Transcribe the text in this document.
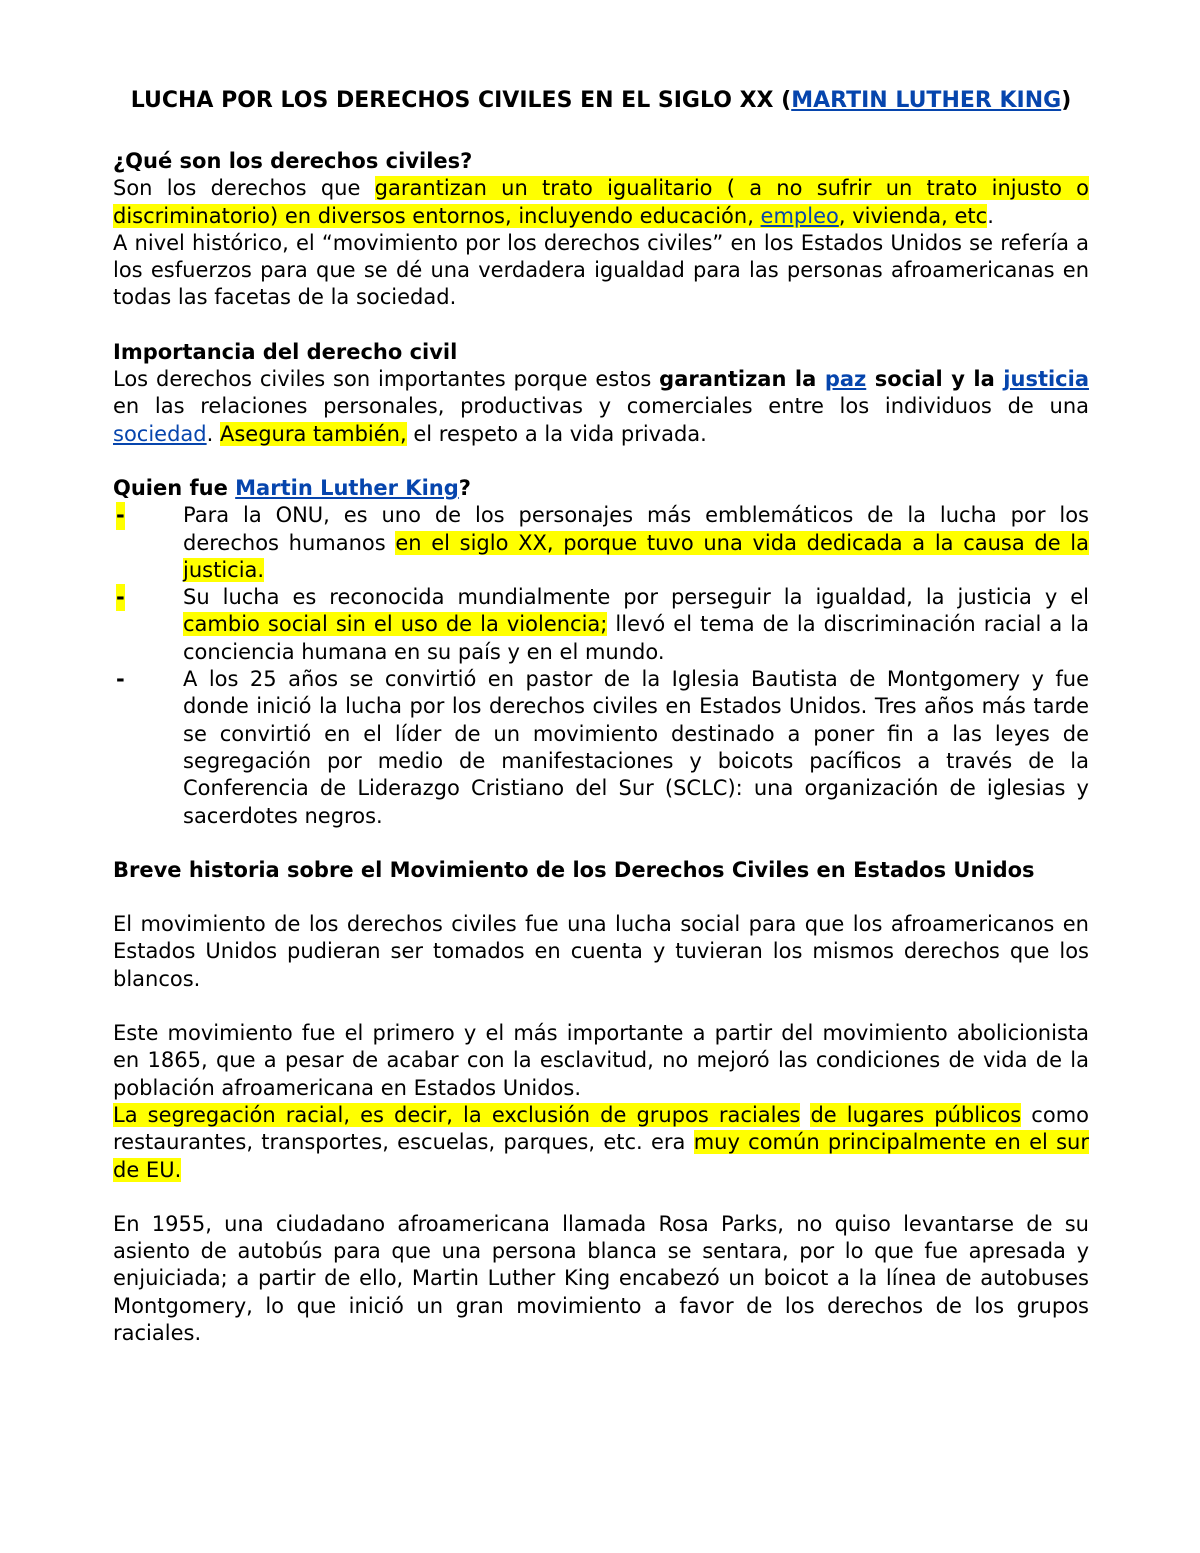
LUCHA POR LOS DERECHOS CIVILES EN EL SIGLO XX (MARTIN LUTHER KING)
¿Qué son los derechos civiles?

Son los derechos que garantizan un trato igualitario ( a no sufrir un trato injusto o discriminatorio) en diversos entornos, incluyendo educación, empleo, vivienda, etc.

A nivel histórico, el “movimiento por los derechos civiles” en los Estados Unidos se refería a los esfuerzos para que se dé una verdadera igualdad para las personas afroamericanas en todas las facetas de la sociedad.

Importancia del derecho civil

Los derechos civiles son importantes porque estos garantizan la paz social y la justicia en las relaciones personales, productivas y comerciales entre los individuos de una sociedad. Asegura también, el respeto a la vida privada.

Quien fue Martin Luther King?
-	Para la ONU, es uno de los personajes más emblemáticos de la lucha por los derechos humanos en el siglo XX, porque tuvo una vida dedicada a la causa de la justicia.
-	Su lucha es reconocida mundialmente por perseguir la igualdad, la justicia y el cambio social sin el uso de la violencia; llevó el tema de la discriminación racial a la conciencia humana en su país y en el mundo.
-	A los 25 años se convirtió en pastor de la Iglesia Bautista de Montgomery y fue donde inició la lucha por los derechos civiles en Estados Unidos. Tres años más tarde se convirtió en el líder de un movimiento destinado a poner fin a las leyes de segregación por medio de manifestaciones y boicots pacíficos a través de la Conferencia de Liderazgo Cristiano del Sur (SCLC): una organización de iglesias y sacerdotes negros.
Breve historia sobre el Movimiento de los Derechos Civiles en Estados Unidos

El movimiento de los derechos civiles fue una lucha social para que los afroamericanos en Estados Unidos pudieran ser tomados en cuenta y tuvieran los mismos derechos que los blancos.

Este movimiento fue el primero y el más importante a partir del movimiento abolicionista en 1865, que a pesar de acabar con la esclavitud, no mejoró las condiciones de vida de la población afroamericana en Estados Unidos.

La segregación racial, es decir, la exclusión de grupos raciales de lugares públicos como restaurantes, transportes, escuelas, parques, etc. era muy común principalmente en el sur de EU.

En 1955, una ciudadano afroamericana llamada Rosa Parks, no quiso levantarse de su asiento de autobús para que una persona blanca se sentara, por lo que fue apresada y enjuiciada; a partir de ello, Martin Luther King encabezó un boicot a la línea de autobuses Montgomery, lo que inició un gran movimiento a favor de los derechos de los grupos raciales.
